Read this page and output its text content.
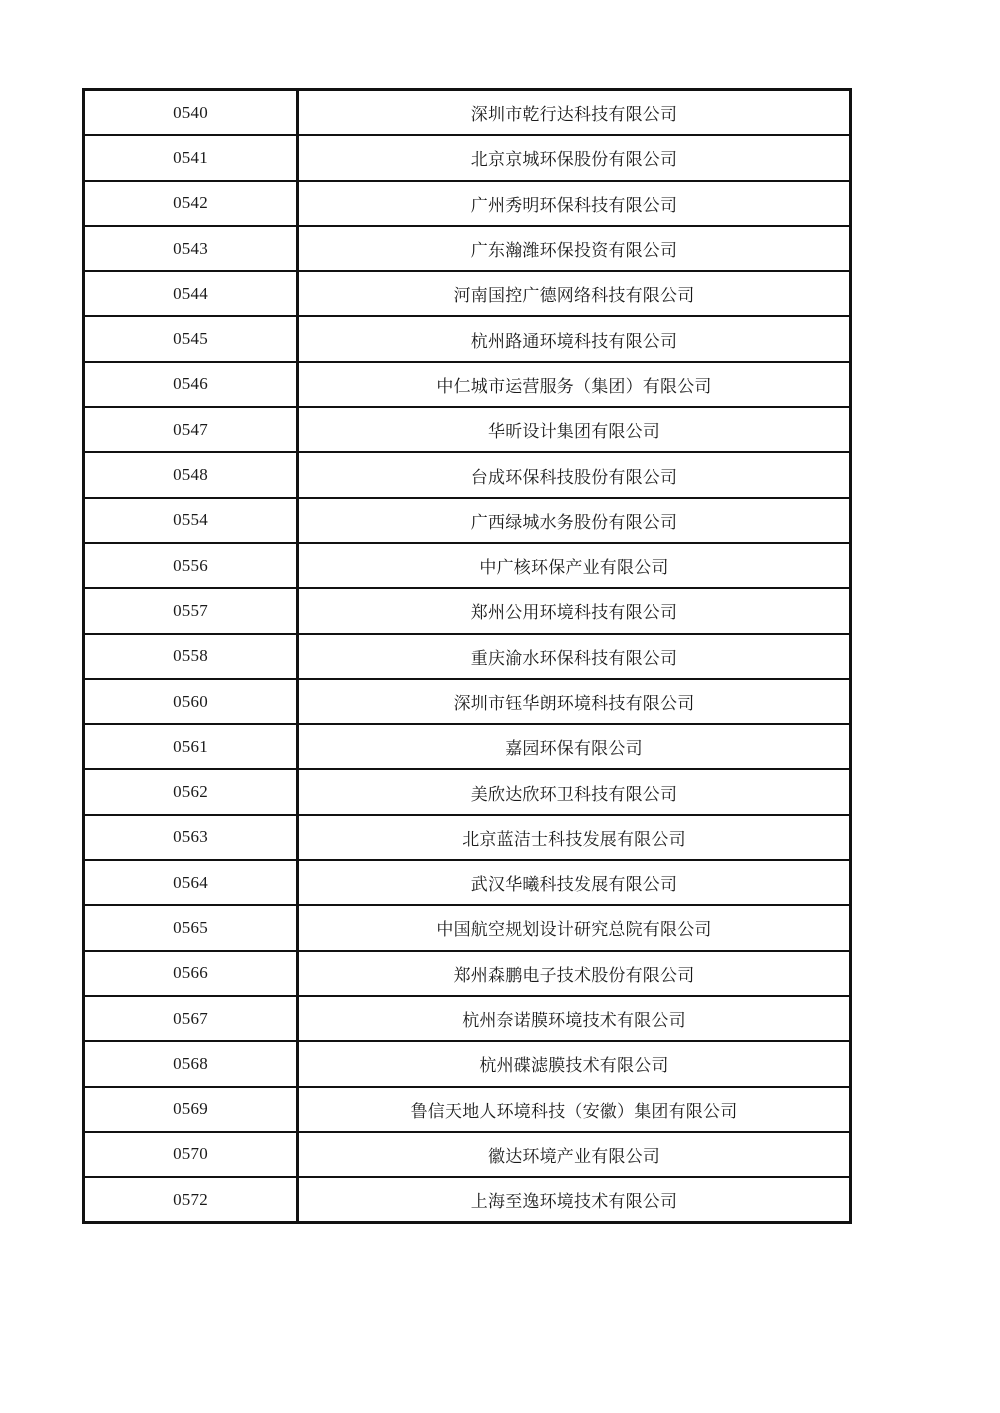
0540	深圳市乾行达科技有限公司
0541	北京京城环保股份有限公司
0542	广州秀明环保科技有限公司
0543	广东瀚潍环保投资有限公司
0544	河南国控广德网络科技有限公司
0545	杭州路通环境科技有限公司
0546	中仁城市运营服务（集团）有限公司
0547	华昕设计集团有限公司
0548	台成环保科技股份有限公司
0554	广西绿城水务股份有限公司
0556	中广核环保产业有限公司
0557	郑州公用环境科技有限公司
0558	重庆渝水环保科技有限公司
0560	深圳市钰华朗环境科技有限公司
0561	嘉园环保有限公司
0562	美欣达欣环卫科技有限公司
0563	北京蓝洁士科技发展有限公司
0564	武汉华曦科技发展有限公司
0565	中国航空规划设计研究总院有限公司
0566	郑州森鹏电子技术股份有限公司
0567	杭州奈诺膜环境技术有限公司
0568	杭州碟滤膜技术有限公司
0569	鲁信天地人环境科技（安徽）集团有限公司
0570	徽达环境产业有限公司
0572	上海至逸环境技术有限公司
